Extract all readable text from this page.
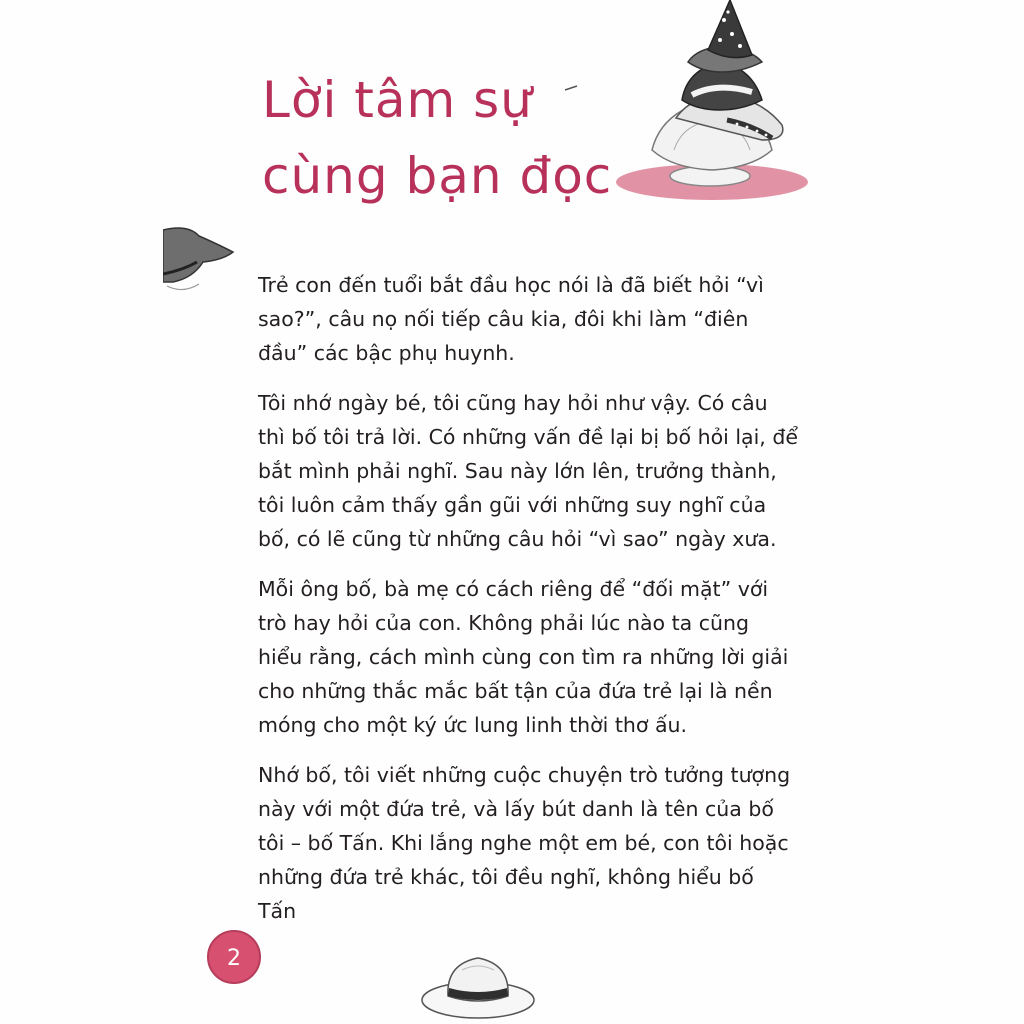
Lời tâm sự
cùng bạn đọc

Trẻ con đến tuổi bắt đầu học nói là đã biết hỏi “vì sao?”, câu nọ nối tiếp câu kia, đôi khi làm “điên đầu” các bậc phụ huynh.

Tôi nhớ ngày bé, tôi cũng hay hỏi như vậy. Có câu thì bố tôi trả lời. Có những vấn đề lại bị bố hỏi lại, để bắt mình phải nghĩ. Sau này lớn lên, trưởng thành, tôi luôn cảm thấy gần gũi với những suy nghĩ của bố, có lẽ cũng từ những câu hỏi “vì sao” ngày xưa.

Mỗi ông bố, bà mẹ có cách riêng để “đối mặt” với trò hay hỏi của con. Không phải lúc nào ta cũng hiểu rằng, cách mình cùng con tìm ra những lời giải cho những thắc mắc bất tận của đứa trẻ lại là nền móng cho một ký ức lung linh thời thơ ấu.

Nhớ bố, tôi viết những cuộc chuyện trò tưởng tượng này với một đứa trẻ, và lấy bút danh là tên của bố tôi – bố Tấn. Khi lắng nghe một em bé, con tôi hoặc những đứa trẻ khác, tôi đều nghĩ, không hiểu bố Tấn

2
